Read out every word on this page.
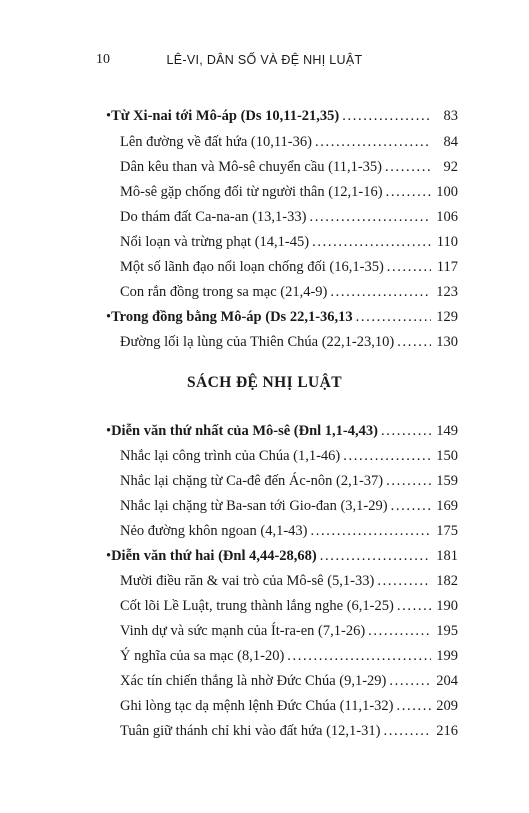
10	LÊ-VI, DÂN SỐ VÀ ĐỆ NHỊ LUẬT
SÁCH ĐỆ NHỊ LUẬT
• Từ Xi-nai tới Mô-áp (Ds 10,11-21,35) . . .	83
Lên đường về đất hứa (10,11-36) . . .	84
Dân kêu than và Mô-sê chuyển cầu (11,1-35) . . .	92
Mô-sê gặp chống đối từ người thân (12,1-16) . . .	100
Do thám đất Ca-na-an (13,1-33) . . .	106
Nổi loạn và trừng phạt (14,1-45) . . .	110
Một số lãnh đạo nổi loạn chống đối (16,1-35) . . .	117
Con rắn đồng trong sa mạc (21,4-9) . . .	123
• Trong đồng bằng Mô-áp (Ds 22,1-36,13 . . .	129
Đường lối lạ lùng của Thiên Chúa (22,1-23,10) . . .	130
• Diễn văn thứ nhất của Mô-sê (Đnl 1,1-4,43) . . .	149
Nhắc lại công trình của Chúa (1,1-46) . . .	150
Nhắc lại chặng từ Ca-đê đến Ác-nôn (2,1-37) . . .	159
Nhắc lại chặng từ Ba-san tới Gio-đan (3,1-29) . . .	169
Nẻo đường khôn ngoan (4,1-43) . . .	175
• Diễn văn thứ hai (Đnl 4,44-28,68) . . .	181
Mười điều răn & vai trò của Mô-sê (5,1-33) . . .	182
Cốt lõi Lề Luật, trung thành lắng nghe (6,1-25) . . .	190
Vinh dự và sức mạnh của Ít-ra-en (7,1-26) . . .	195
Ý nghĩa của sa mạc (8,1-20) . . .	199
Xác tín chiến thắng là nhờ Đức Chúa (9,1-29) . . .	204
Ghi lòng tạc dạ mệnh lệnh Đức Chúa (11,1-32) . . .	209
Tuân giữ thánh chỉ khi vào đất hứa (12,1-31) . . .	216
